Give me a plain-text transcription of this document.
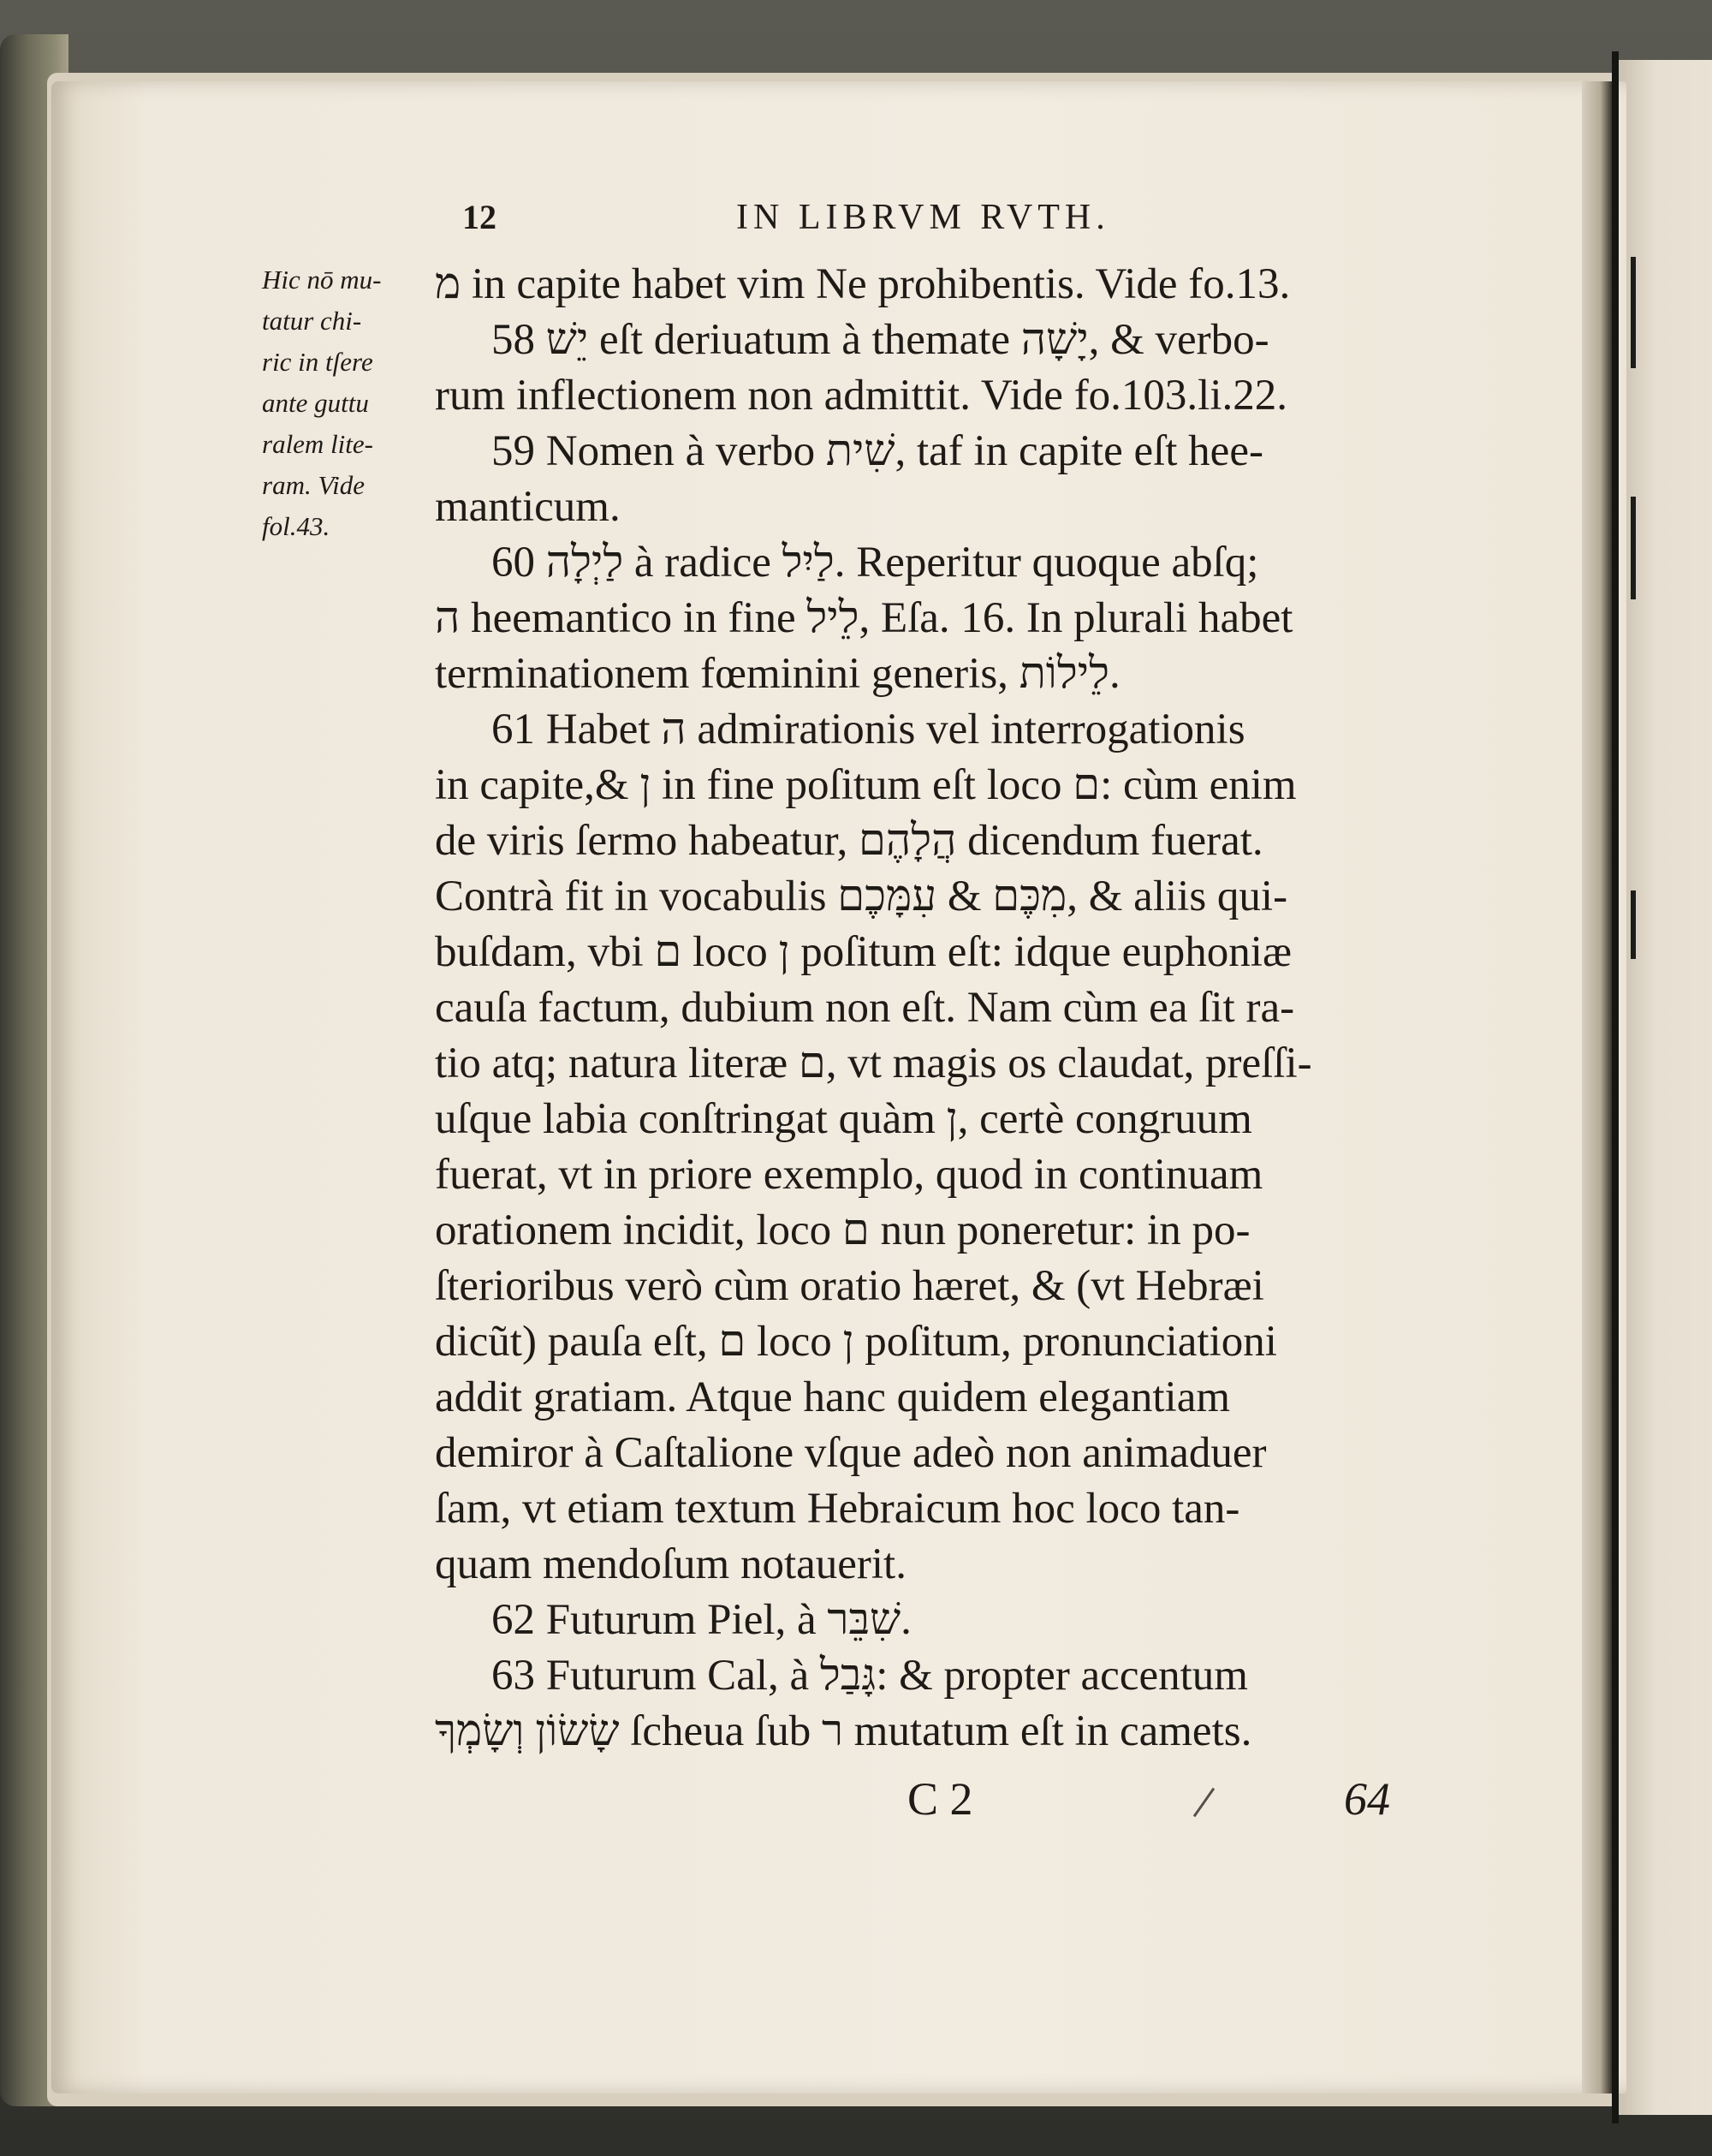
12	IN LIBRVM RVTH.
Hic nō mu-
tatur chi-
ric in tſere
ante guttu
ralem lite-
ram. Vide
fol.43.
מ in capite habet vim Ne prohibentis. Vide fo.13.
58 יֵשׁ eſt deriuatum à themate יָשָׁה, & verbo-
rum inflectionem non admittit. Vide fo.103.li.22.
59 Nomen à verbo שִׁית, taf in capite eſt hee-
manticum.
60 לַיְלָה à radice לַיִל. Reperitur quoque abſq;
ה heemantico in fine לֵיל, Eſa. 16. In plurali habet
terminationem fœminini generis, לֵילוֹת.
61 Habet ה admirationis vel interrogationis
in capite,& ן in fine poſitum eſt loco ם: cùm enim
de viris ſermo habeatur, הֲלָהֶם dicendum fuerat.
Contrà fit in vocabulis מִכֶּם & עִמָּכֶם, & aliis qui-
buſdam, vbi ם loco ן poſitum eſt: idque euphoniæ
cauſa factum, dubium non eſt. Nam cùm ea ſit ra-
tio atq; natura literæ ם, vt magis os claudat, preſſi-
uſque labia conſtringat quàm ן, certè congruum
fuerat, vt in priore exemplo, quod in continuam
orationem incidit, loco ם nun poneretur: in po-
ſterioribus verò cùm oratio hæret, & (vt Hebræi
dicũt) pauſa eſt, ם loco ן poſitum, pronunciationi
addit gratiam. Atque hanc quidem elegantiam
demiror à Caſtalione vſque adeò non animaduer
ſam, vt etiam textum Hebraicum hoc loco tan-
quam mendoſum notauerit.
62 Futurum Piel, à שִׁבֵּר.
63 Futurum Cal, à גָּבַל: & propter accentum
שָׂשׂוֹן וְשָׂמְךָ ſcheua ſub ר mutatum eſt in camets.
C 2	64
